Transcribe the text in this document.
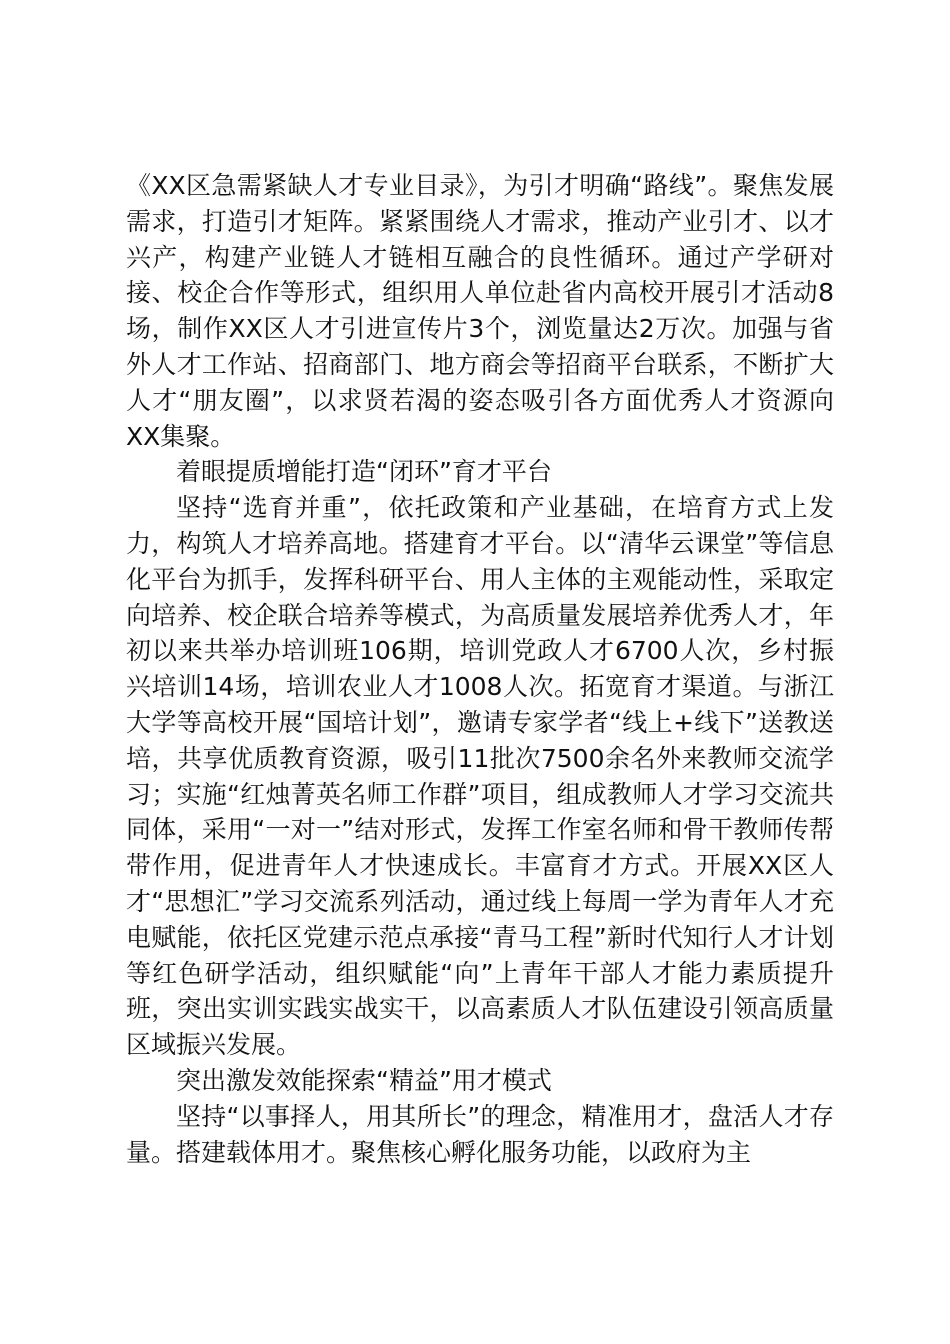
《XX区急需紧缺人才专业目录》，为引才明确“路线”。聚焦发展需求，打造引才矩阵。紧紧围绕人才需求，推动产业引才、以才兴产，构建产业链人才链相互融合的良性循环。通过产学研对接、校企合作等形式，组织用人单位赴省内高校开展引才活动8场，制作XX区人才引进宣传片3个，浏览量达2万次。加强与省外人才工作站、招商部门、地方商会等招商平台联系，不断扩大人才“朋友圈”，以求贤若渴的姿态吸引各方面优秀人才资源向XX集聚。

着眼提质增能打造“闭环”育才平台

坚持“选育并重”，依托政策和产业基础，在培育方式上发力，构筑人才培养高地。搭建育才平台。以“清华云课堂”等信息化平台为抓手，发挥科研平台、用人主体的主观能动性，采取定向培养、校企联合培养等模式，为高质量发展培养优秀人才，年初以来共举办培训班106期，培训党政人才6700人次，乡村振兴培训14场，培训农业人才1008人次。拓宽育才渠道。与浙江大学等高校开展“国培计划”，邀请专家学者“线上+线下”送教送培，共享优质教育资源，吸引11批次7500余名外来教师交流学习；实施“红烛菁英名师工作群”项目，组成教师人才学习交流共同体，采用“一对一”结对形式，发挥工作室名师和骨干教师传帮带作用，促进青年人才快速成长。丰富育才方式。开展XX区人才“思想汇”学习交流系列活动，通过线上每周一学为青年人才充电赋能，依托区党建示范点承接“青马工程”新时代知行人才计划等红色研学活动，组织赋能“向”上青年干部人才能力素质提升班，突出实训实践实战实干，以高素质人才队伍建设引领高质量区域振兴发展。

突出激发效能探索“精益”用才模式

坚持“以事择人，用其所长”的理念，精准用才，盘活人才存量。搭建载体用才。聚焦核心孵化服务功能，以政府为主
